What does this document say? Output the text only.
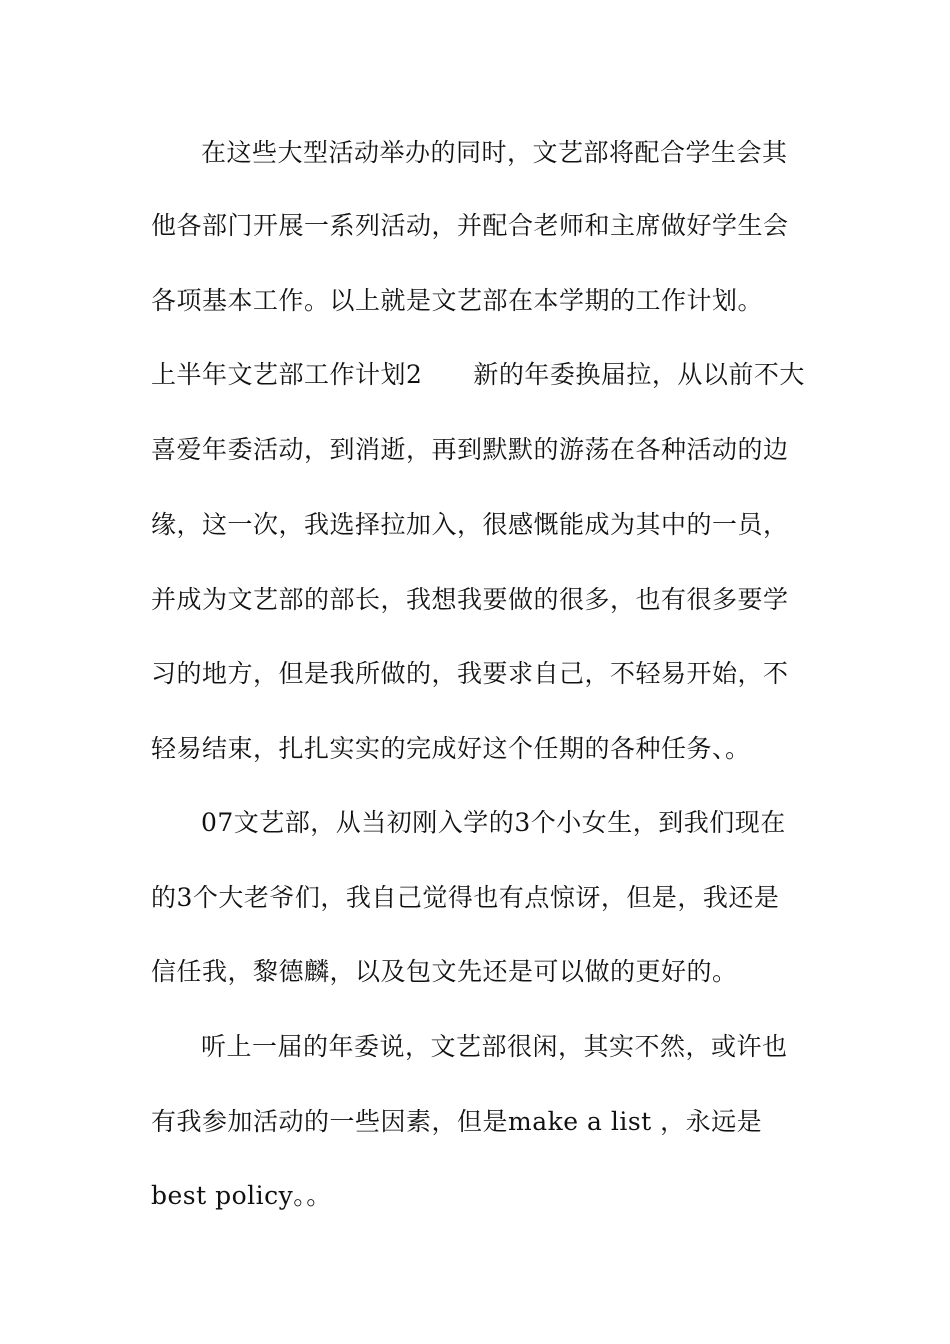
在这些大型活动举办的同时，文艺部将配合学生会其
他各部门开展一系列活动，并配合老师和主席做好学生会
各项基本工作。以上就是文艺部在本学期的工作计划。
上半年文艺部工作计划2　　新的年委换届拉，从以前不大
喜爱年委活动，到消逝，再到默默的游荡在各种活动的边
缘，这一次，我选择拉加入，很感慨能成为其中的一员，
并成为文艺部的部长，我想我要做的很多，也有很多要学
习的地方，但是我所做的，我要求自己，不轻易开始，不
轻易结束，扎扎实实的完成好这个任期的各种任务、。
07文艺部，从当初刚入学的3个小女生，到我们现在
的3个大老爷们，我自己觉得也有点惊讶，但是，我还是
信任我，黎德麟，以及包文先还是可以做的更好的。
听上一届的年委说，文艺部很闲，其实不然，或许也
有我参加活动的一些因素，但是make a list ，永远是
best policy。。
